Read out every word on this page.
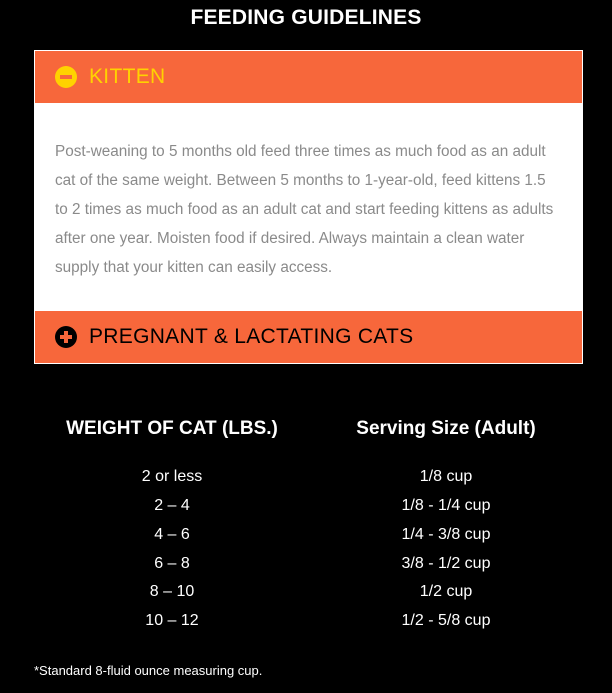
FEEDING GUIDELINES
KITTEN
Post-weaning to 5 months old feed three times as much food as an adult cat of the same weight. Between 5 months to 1-year-old, feed kittens 1.5 to 2 times as much food as an adult cat and start feeding kittens as adults after one year. Moisten food if desired. Always maintain a clean water supply that your kitten can easily access.
PREGNANT & LACTATING CATS
WEIGHT OF CAT (LBS.)	Serving Size (Adult)
2 or less	1/8 cup
2 – 4	1/8 - 1/4 cup
4 – 6	1/4 - 3/8 cup
6 – 8	3/8 - 1/2 cup
8 – 10	1/2 cup
10 – 12	1/2 - 5/8 cup
*Standard 8-fluid ounce measuring cup.
